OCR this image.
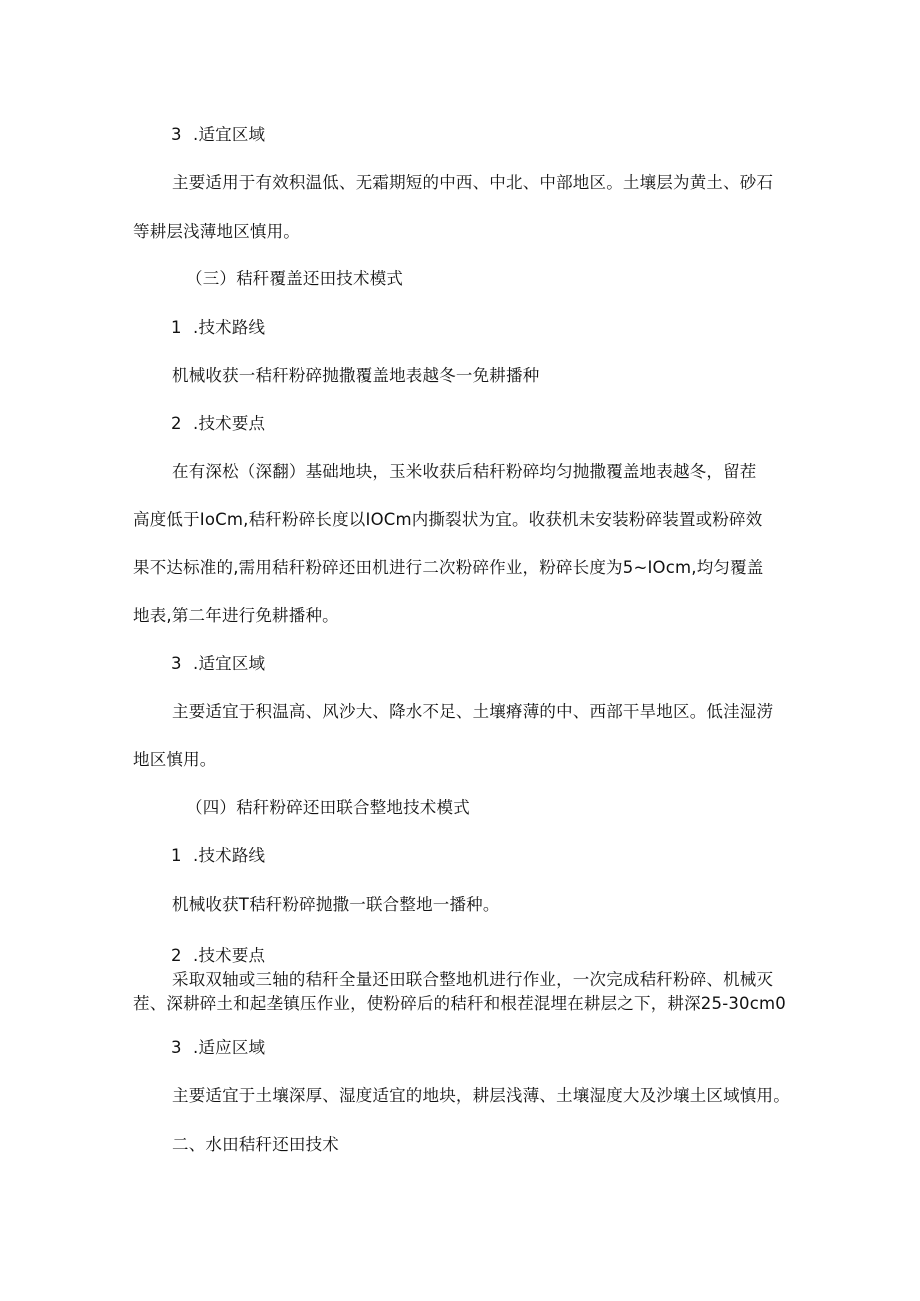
3 .适宜区域

主要适用于有效积温低、无霜期短的中西、中北、中部地区。土壤层为黄土、砂石

等耕层浅薄地区慎用。

（三）秸秆覆盖还田技术模式

1 .技术路线

机械收获一秸秆粉碎抛撒覆盖地表越冬一免耕播种

2 .技术要点

在有深松（深翻）基础地块，玉米收获后秸秆粉碎均匀抛撒覆盖地表越冬，留茬

高度低于IoCm,秸秆粉碎长度以IOCm内撕裂状为宜。收获机未安装粉碎装置或粉碎效

果不达标准的,需用秸秆粉碎还田机进行二次粉碎作业，粉碎长度为5~IOcm,均匀覆盖

地表,第二年进行免耕播种。

3 .适宜区域

主要适宜于积温高、风沙大、降水不足、土壤瘠薄的中、西部干旱地区。低洼湿涝

地区慎用。

（四）秸秆粉碎还田联合整地技术模式

1 .技术路线

机械收获T秸秆粉碎抛撒一联合整地一播种。

2 .技术要点

采取双轴或三轴的秸秆全量还田联合整地机进行作业，一次完成秸秆粉碎、机械灭

茬、深耕碎土和起垄镇压作业，使粉碎后的秸秆和根茬混埋在耕层之下，耕深25-30cm0

3 .适应区域

主要适宜于土壤深厚、湿度适宜的地块，耕层浅薄、土壤湿度大及沙壤土区域慎用。

二、水田秸秆还田技术
